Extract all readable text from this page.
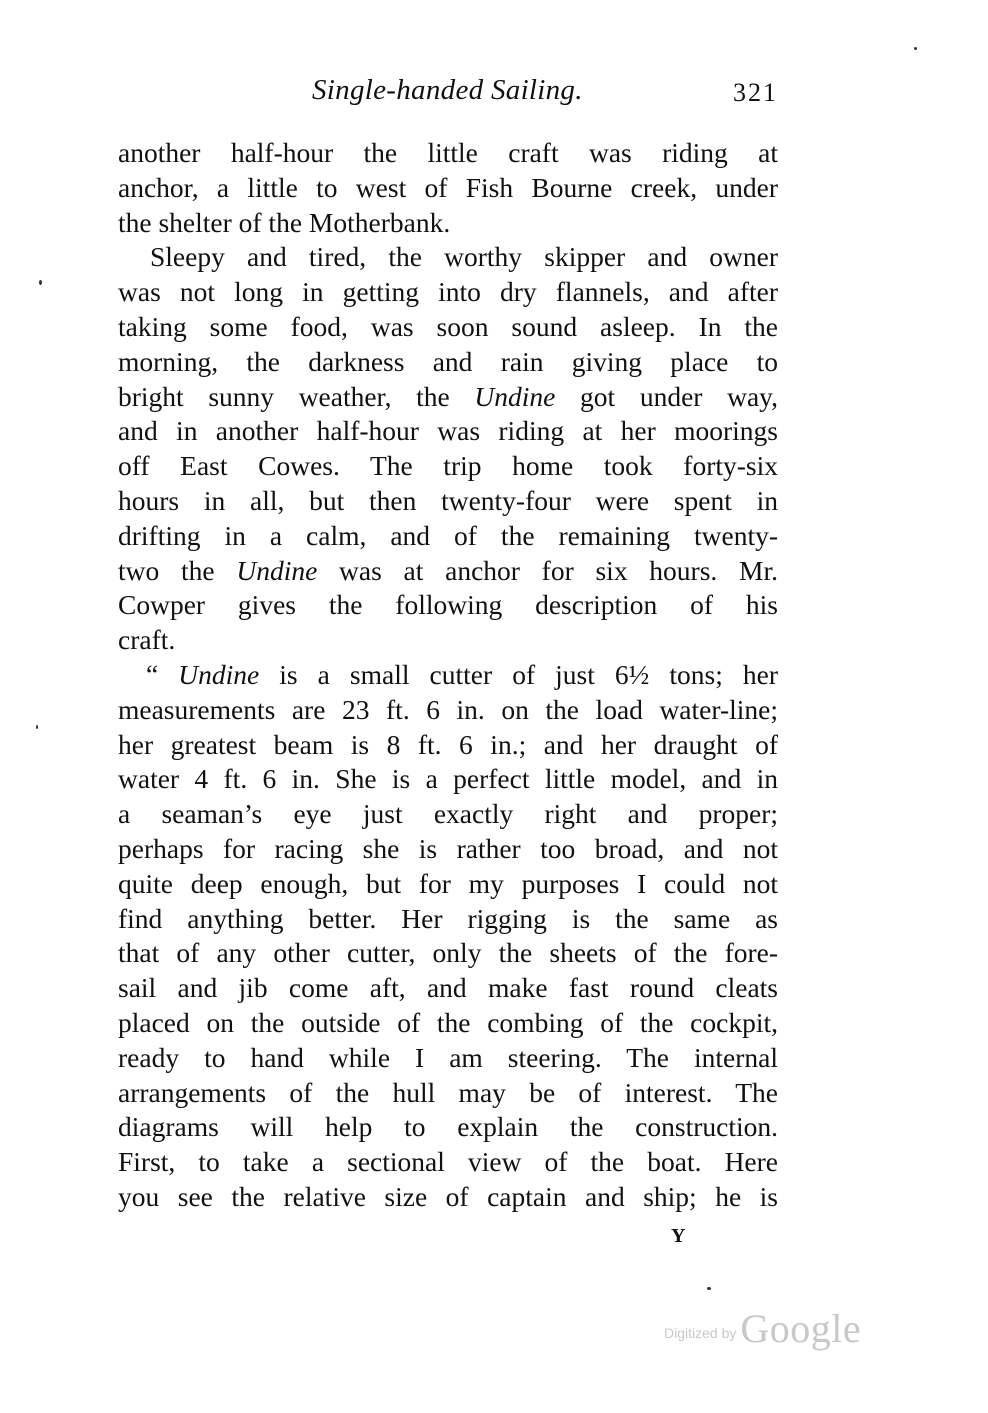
Single-handed Sailing.	321
another half-hour the little craft was riding at
anchor, a little to west of Fish Bourne creek, under
the shelter of the Motherbank.
Sleepy and tired, the worthy skipper and owner
was not long in getting into dry flannels, and after
taking some food, was soon sound asleep. In the
morning, the darkness and rain giving place to
bright sunny weather, the Undine got under way,
and in another half-hour was riding at her moorings
off East Cowes. The trip home took forty-six
hours in all, but then twenty-four were spent in
drifting in a calm, and of the remaining twenty-
two the Undine was at anchor for six hours. Mr.
Cowper gives the following description of his
craft.
“ Undine is a small cutter of just 6½ tons; her
measurements are 23 ft. 6 in. on the load water-line;
her greatest beam is 8 ft. 6 in.; and her draught of
water 4 ft. 6 in. She is a perfect little model, and in
a seaman’s eye just exactly right and proper;
perhaps for racing she is rather too broad, and not
quite deep enough, but for my purposes I could not
find anything better. Her rigging is the same as
that of any other cutter, only the sheets of the fore-
sail and jib come aft, and make fast round cleats
placed on the outside of the combing of the cockpit,
ready to hand while I am steering. The internal
arrangements of the hull may be of interest. The
diagrams will help to explain the construction.
First, to take a sectional view of the boat. Here
you see the relative size of captain and ship; he is
Y
Digitized by Google
